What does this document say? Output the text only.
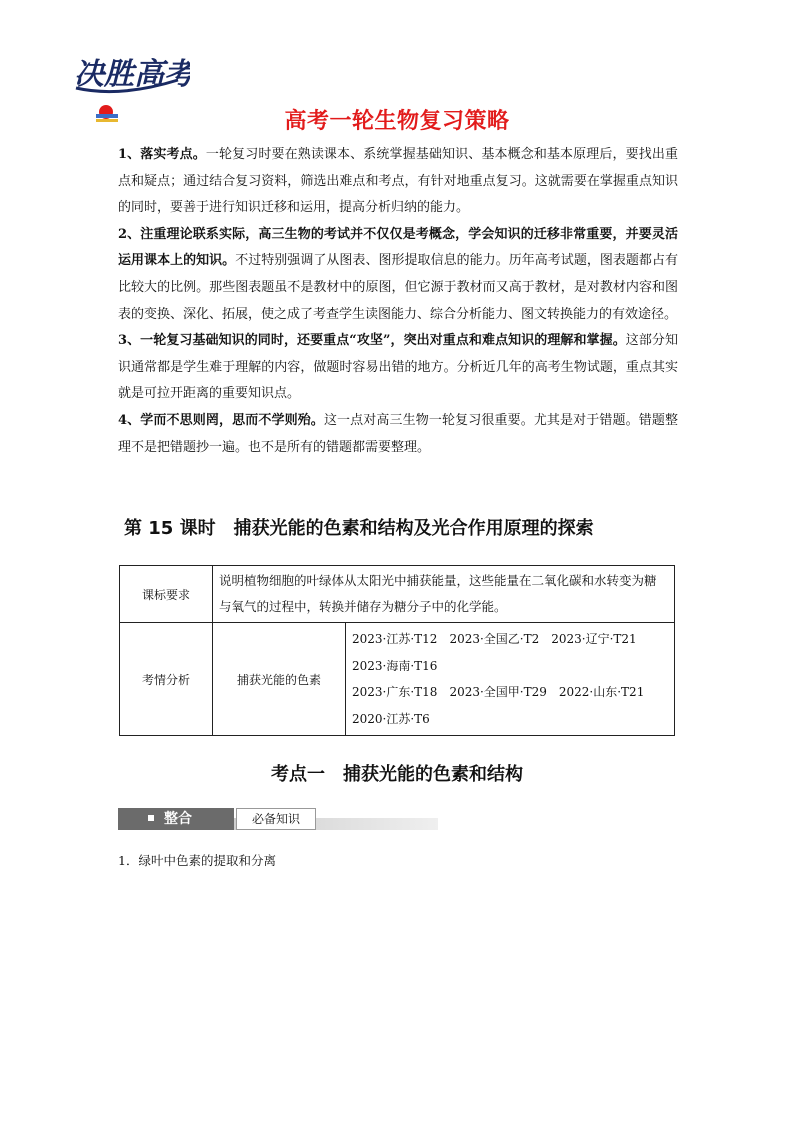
决胜高考
高考一轮生物复习策略

1、落实考点。一轮复习时要在熟读课本、系统掌握基础知识、基本概念和基本原理后，要找出重点和疑点；通过结合复习资料，筛选出难点和考点，有针对地重点复习。这就需要在掌握重点知识的同时，要善于进行知识迁移和运用，提高分析归纳的能力。

2、注重理论联系实际，高三生物的考试并不仅仅是考概念，学会知识的迁移非常重要，并要灵活运用课本上的知识。不过特别强调了从图表、图形提取信息的能力。历年高考试题，图表题都占有比较大的比例。那些图表题虽不是教材中的原图，但它源于教材而又高于教材，是对教材内容和图表的变换、深化、拓展，使之成了考查学生读图能力、综合分析能力、图文转换能力的有效途径。

3、一轮复习基础知识的同时，还要重点“攻坚”，突出对重点和难点知识的理解和掌握。这部分知识通常都是学生难于理解的内容，做题时容易出错的地方。分析近几年的高考生物试题，重点其实就是可拉开距离的重要知识点。

4、学而不思则罔，思而不学则殆。这一点对高三生物一轮复习很重要。尤其是对于错题。错题整理不是把错题抄一遍。也不是所有的错题都需要整理。

第 15 课时　捕获光能的色素和结构及光合作用原理的探索
课标要求	说明植物细胞的叶绿体从太阳光中捕获能量，这些能量在二氧化碳和水转变为糖与氧气的过程中，转换并储存为糖分子中的化学能。	
考情分析	捕获光能的色素	2023·江苏·T12　2023·全国乙·T2　2023·辽宁·T21
2023·海南·T16
2023·广东·T18　2023·全国甲·T29　2022·山东·T21
2020·江苏·T6
考点一　捕获光能的色素和结构
整合	必备知识
1．绿叶中色素的提取和分离
